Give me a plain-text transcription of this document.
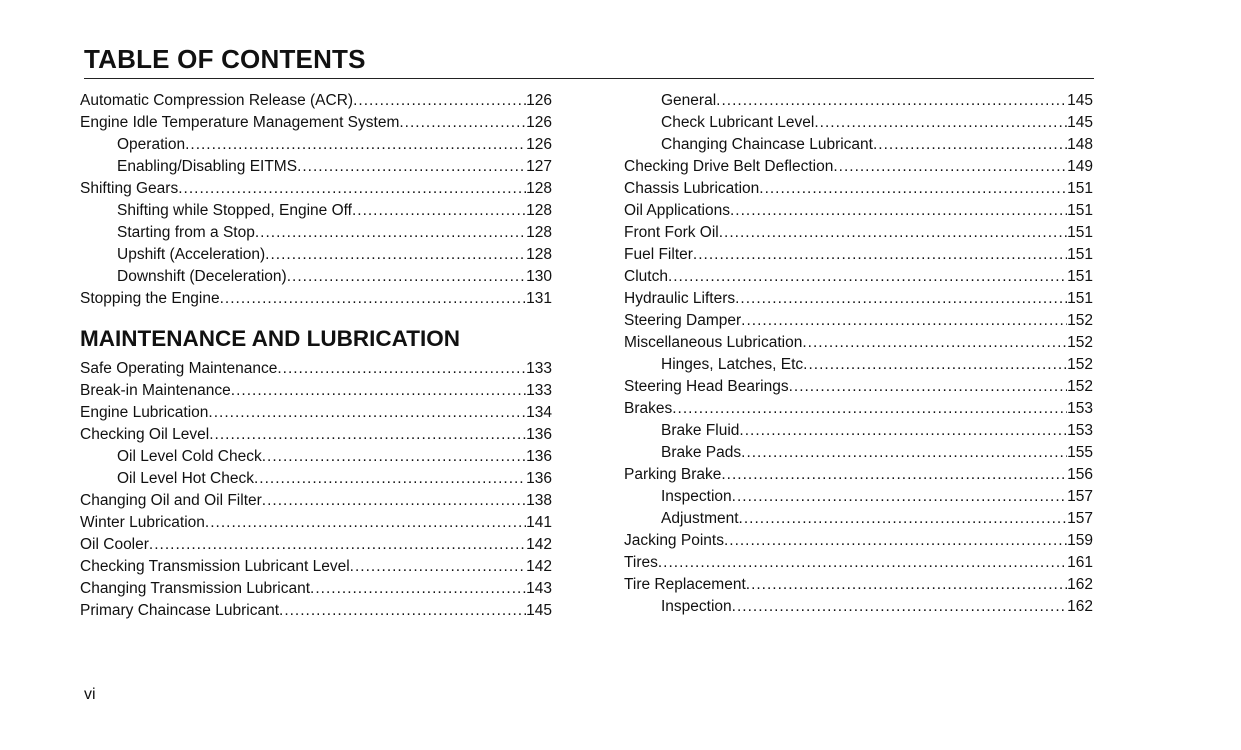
TABLE OF CONTENTS
Automatic Compression Release (ACR) .....	126
Engine Idle Temperature Management System .....	126
Operation .....	126
Enabling/Disabling EITMS .....	127
Shifting Gears .....	128
Shifting while Stopped, Engine Off .....	128
Starting from a Stop .....	128
Upshift (Acceleration) .....	128
Downshift (Deceleration) .....	130
Stopping the Engine .....	131
MAINTENANCE AND LUBRICATION
Safe Operating Maintenance .....	133
Break-in Maintenance .....	133
Engine Lubrication .....	134
Checking Oil Level .....	136
Oil Level Cold Check .....	136
Oil Level Hot Check .....	136
Changing Oil and Oil Filter .....	138
Winter Lubrication .....	141
Oil Cooler .....	142
Checking Transmission Lubricant Level .....	142
Changing Transmission Lubricant .....	143
Primary Chaincase Lubricant .....	145
General .....	145
Check Lubricant Level .....	145
Changing Chaincase Lubricant .....	148
Checking Drive Belt Deflection .....	149
Chassis Lubrication .....	151
Oil Applications .....	151
Front Fork Oil .....	151
Fuel Filter .....	151
Clutch .....	151
Hydraulic Lifters .....	151
Steering Damper .....	152
Miscellaneous Lubrication .....	152
Hinges, Latches, Etc .....	152
Steering Head Bearings .....	152
Brakes .....	153
Brake Fluid .....	153
Brake Pads .....	155
Parking Brake .....	156
Inspection .....	157
Adjustment .....	157
Jacking Points .....	159
Tires .....	161
Tire Replacement .....	162
Inspection .....	162
vi
